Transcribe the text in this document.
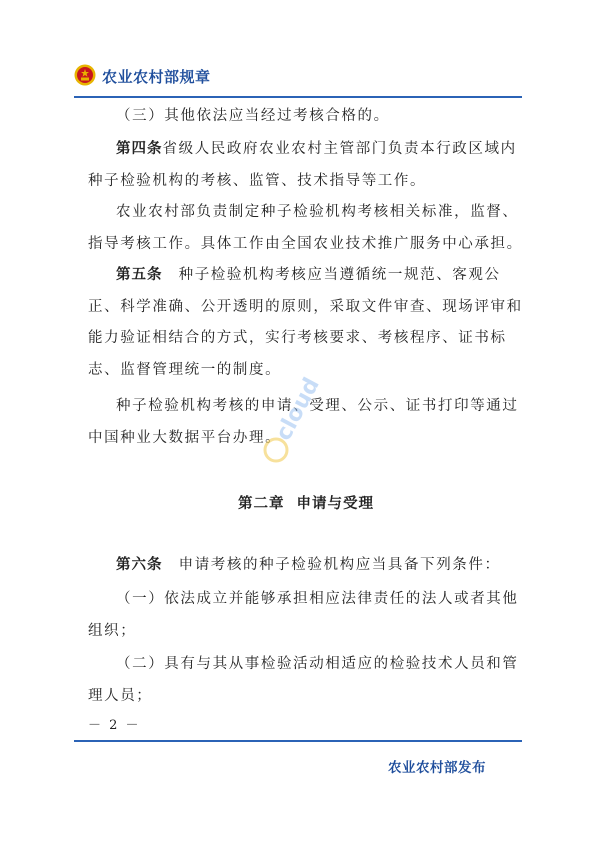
农业农村部规章

（三）其他依法应当经过考核合格的。

第四条省级人民政府农业农村主管部门负责本行政区域内种子检验机构的考核、监管、技术指导等工作。

农业农村部负责制定种子检验机构考核相关标准，监督、指导考核工作。具体工作由全国农业技术推广服务中心承担。

第五条　种子检验机构考核应当遵循统一规范、客观公正、科学准确、公开透明的原则，采取文件审查、现场评审和能力验证相结合的方式，实行考核要求、考核程序、证书标志、监督管理统一的制度。

种子检验机构考核的申请、受理、公示、证书打印等通过中国种业大数据平台办理。

cloud

第二章 申请与受理

第六条　申请考核的种子检验机构应当具备下列条件：

（一）依法成立并能够承担相应法律责任的法人或者其他组织；

（二）具有与其从事检验活动相适应的检验技术人员和管理人员；

－ 2 －
农业农村部发布
